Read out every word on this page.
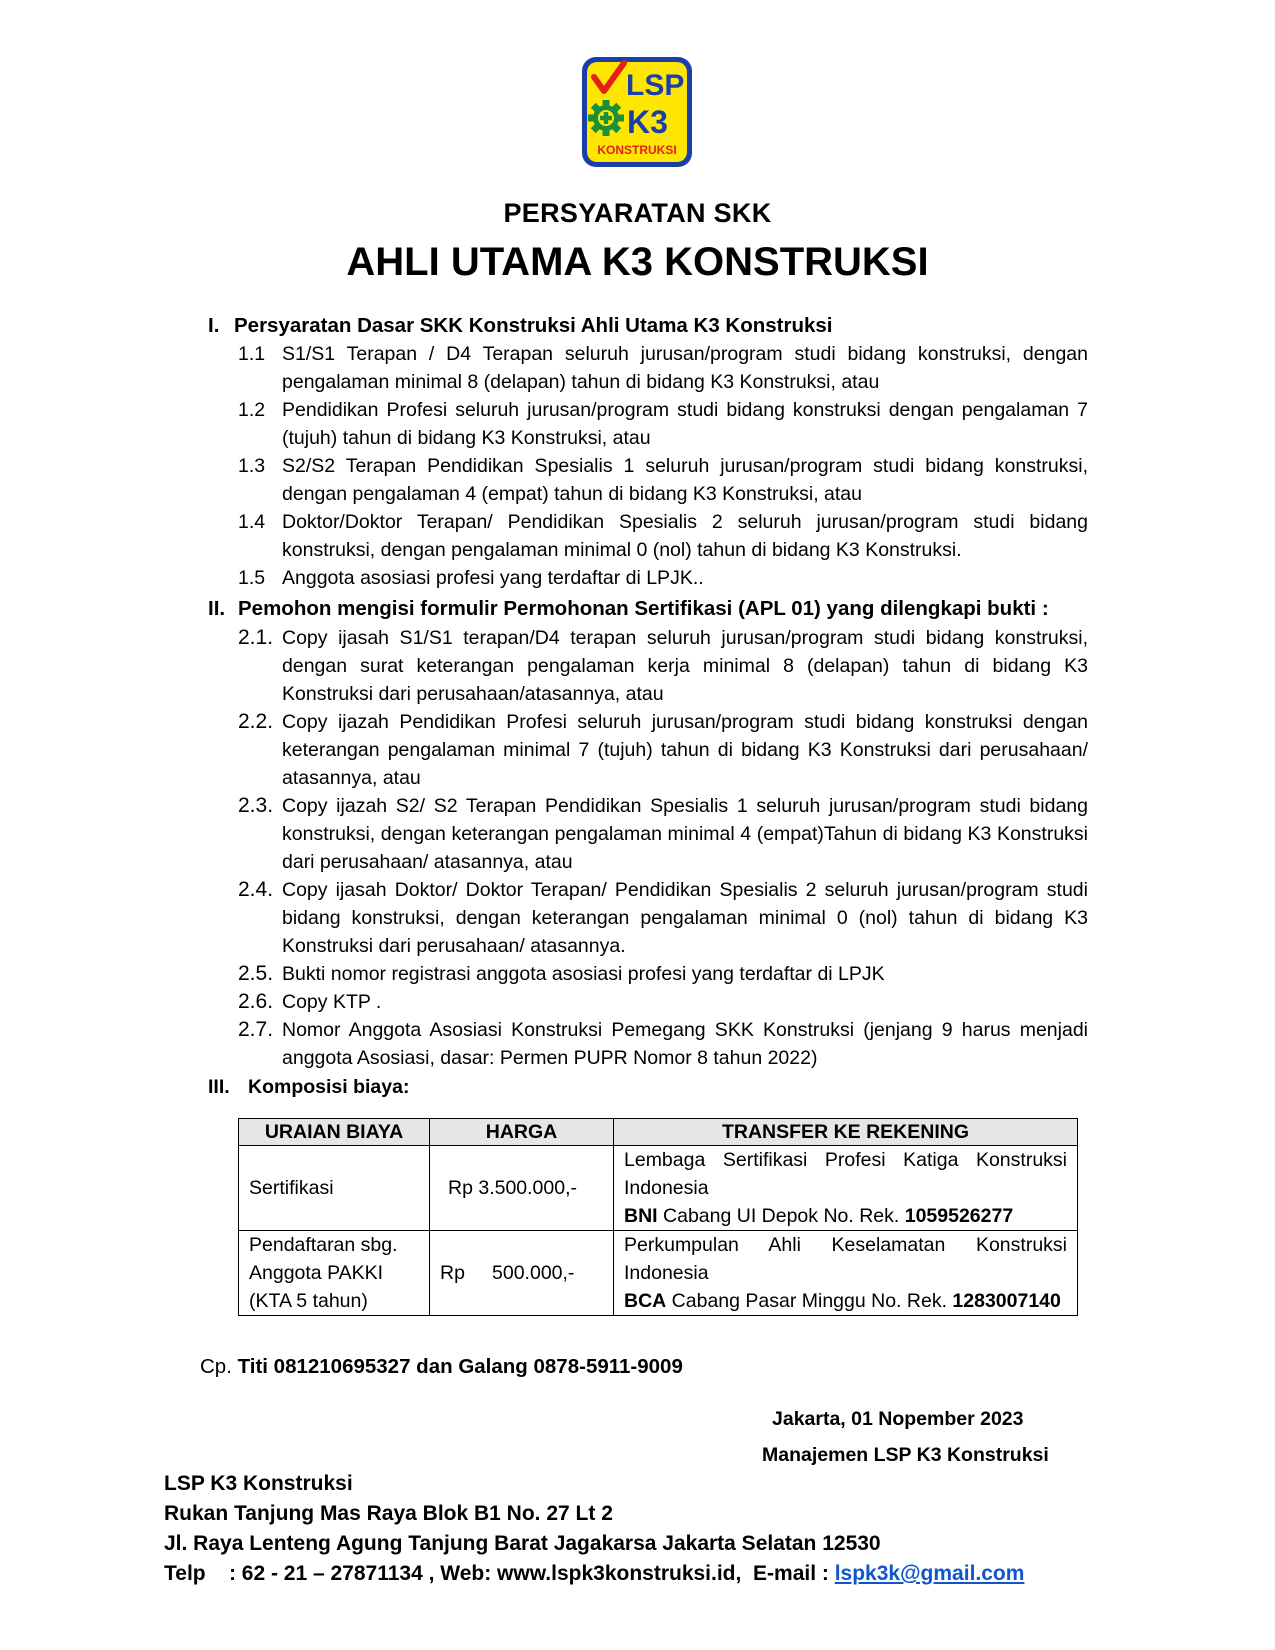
LSP
K3
KONSTRUKSI
PERSYARATAN SKK
AHLI UTAMA K3 KONSTRUKSI
I. Persyaratan Dasar SKK Konstruksi Ahli Utama K3 Konstruksi
1.1 S1/S1 Terapan / D4 Terapan seluruh jurusan/program studi bidang konstruksi, dengan pengalaman minimal 8 (delapan) tahun di bidang K3 Konstruksi, atau
1.2 Pendidikan Profesi seluruh jurusan/program studi bidang konstruksi dengan pengalaman 7 (tujuh) tahun di bidang K3 Konstruksi, atau
1.3 S2/S2 Terapan Pendidikan Spesialis 1 seluruh jurusan/program studi bidang konstruksi, dengan pengalaman 4 (empat) tahun di bidang K3 Konstruksi, atau
1.4 Doktor/Doktor Terapan/ Pendidikan Spesialis 2 seluruh jurusan/program studi bidang konstruksi, dengan pengalaman minimal 0 (nol) tahun di bidang K3 Konstruksi.
1.5 Anggota asosiasi profesi yang terdaftar di LPJK..
II. Pemohon mengisi formulir Permohonan Sertifikasi (APL 01) yang dilengkapi bukti :
2.1. Copy ijasah S1/S1 terapan/D4 terapan seluruh jurusan/program studi bidang konstruksi, dengan surat keterangan pengalaman kerja minimal 8 (delapan) tahun di bidang K3 Konstruksi dari perusahaan/atasannya, atau
2.2. Copy ijazah Pendidikan Profesi seluruh jurusan/program studi bidang konstruksi dengan keterangan pengalaman minimal 7 (tujuh) tahun di bidang K3 Konstruksi dari perusahaan/ atasannya, atau
2.3. Copy ijazah S2/ S2 Terapan Pendidikan Spesialis 1 seluruh jurusan/program studi bidang konstruksi, dengan keterangan pengalaman minimal 4 (empat)Tahun di bidang K3 Konstruksi dari perusahaan/ atasannya, atau
2.4. Copy ijasah Doktor/ Doktor Terapan/ Pendidikan Spesialis 2 seluruh jurusan/program studi bidang konstruksi, dengan keterangan pengalaman minimal 0 (nol) tahun di bidang K3 Konstruksi dari perusahaan/ atasannya.
2.5. Bukti nomor registrasi anggota asosiasi profesi yang terdaftar di LPJK
2.6. Copy KTP .
2.7. Nomor Anggota Asosiasi Konstruksi Pemegang SKK Konstruksi (jenjang 9 harus menjadi anggota Asosiasi, dasar: Permen PUPR Nomor 8 tahun 2022)
III. Komposisi biaya:
URAIAN BIAYA	HARGA	TRANSFER KE REKENING
Sertifikasi	Rp 3.500.000,-	Lembaga Sertifikasi Profesi Katiga Konstruksi Indonesia
BNI Cabang UI Depok No. Rek. 1059526277

Pendaftaran sbg. Anggota PAKKI (KTA 5 tahun)	Rp     500.000,-	Perkumpulan Ahli Keselamatan Konstruksi Indonesia
BCA Cabang Pasar Minggu No. Rek. 1283007140
Cp. Titi 081210695327 dan Galang 0878-5911-9009
Jakarta, 01 Nopember 2023
Manajemen LSP K3 Konstruksi
LSP K3 Konstruksi
Rukan Tanjung Mas Raya Blok B1 No. 27 Lt 2
Jl. Raya Lenteng Agung Tanjung Barat Jagakarsa Jakarta Selatan 12530
Telp    : 62 - 21 – 27871134 , Web: www.lspk3konstruksi.id,  E-mail : lspk3k@gmail.com
